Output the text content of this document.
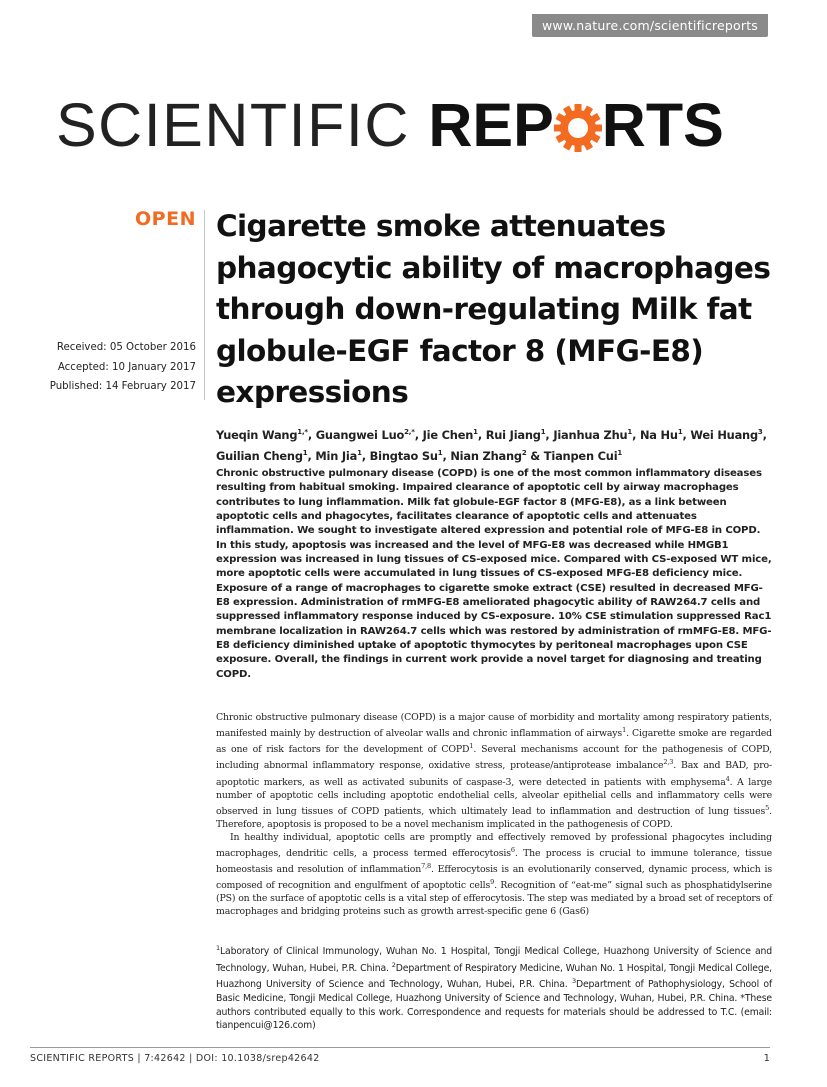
www.nature.com/scientificreports
SCIENTIFIC REP RTS
OPEN
Received: 05 October 2016
Accepted: 10 January 2017
Published: 14 February 2017
Cigarette smoke attenuates phagocytic ability of macrophages through down-regulating Milk fat globule-EGF factor 8 (MFG-E8) expressions
Yueqin Wang$^{1,*}$, Guangwei Luo$^{2,*}$, Jie Chen$^1$, Rui Jiang$^1$, Jianhua Zhu$^1$, Na Hu$^1$, Wei Huang$^3$, Guilian Cheng$^1$, Min Jia$^1$, Bingtao Su$^1$, Nian Zhang$^2$ & Tianpen Cui$^1$
Chronic obstructive pulmonary disease (COPD) is one of the most common inflammatory diseases resulting from habitual smoking. Impaired clearance of apoptotic cell by airway macrophages contributes to lung inflammation. Milk fat globule-EGF factor 8 (MFG-E8), as a link between apoptotic cells and phagocytes, facilitates clearance of apoptotic cells and attenuates inflammation. We sought to investigate altered expression and potential role of MFG-E8 in COPD. In this study, apoptosis was increased and the level of MFG-E8 was decreased while HMGB1 expression was increased in lung tissues of CS-exposed mice. Compared with CS-exposed WT mice, more apoptotic cells were accumulated in lung tissues of CS-exposed MFG-E8 deficiency mice. Exposure of a range of macrophages to cigarette smoke extract (CSE) resulted in decreased MFG-E8 expression. Administration of rmMFG-E8 ameliorated phagocytic ability of RAW264.7 cells and suppressed inflammatory response induced by CS-exposure. 10% CSE stimulation suppressed Rac1 membrane localization in RAW264.7 cells which was restored by administration of rmMFG-E8. MFG-E8 deficiency diminished uptake of apoptotic thymocytes by peritoneal macrophages upon CSE exposure. Overall, the findings in current work provide a novel target for diagnosing and treating COPD.

Chronic obstructive pulmonary disease (COPD) is a major cause of morbidity and mortality among respiratory patients, manifested mainly by destruction of alveolar walls and chronic inflammation of airways$^1$. Cigarette smoke are regarded as one of risk factors for the development of COPD$^1$. Several mechanisms account for the pathogenesis of COPD, including abnormal inflammatory response, oxidative stress, protease/antiprotease imbalance$^{2,3}$. Bax and BAD, pro-apoptotic markers, as well as activated subunits of caspase-3, were detected in patients with emphysema$^4$. A large number of apoptotic cells including apoptotic endothelial cells, alveolar epithelial cells and inflammatory cells were observed in lung tissues of COPD patients, which ultimately lead to inflammation and destruction of lung tissues$^5$. Therefore, apoptosis is proposed to be a novel mechanism implicated in the pathogenesis of COPD.

In healthy individual, apoptotic cells are promptly and effectively removed by professional phagocytes including macrophages, dendritic cells, a process termed efferocytosis$^6$. The process is crucial to immune tolerance, tissue homeostasis and resolution of inflammation$^{7,8}$. Efferocytosis is an evolutionarily conserved, dynamic process, which is composed of recognition and engulfment of apoptotic cells$^9$. Recognition of “eat-me” signal such as phosphatidylserine (PS) on the surface of apoptotic cells is a vital step of efferocytosis. The step was mediated by a broad set of receptors of macrophages and bridging proteins such as growth arrest-specific gene 6 (Gas6)

$^1$Laboratory of Clinical Immunology, Wuhan No. 1 Hospital, Tongji Medical College, Huazhong University of Science and Technology, Wuhan, Hubei, P.R. China. $^2$Department of Respiratory Medicine, Wuhan No. 1 Hospital, Tongji Medical College, Huazhong University of Science and Technology, Wuhan, Hubei, P.R. China. $^3$Department of Pathophysiology, School of Basic Medicine, Tongji Medical College, Huazhong University of Science and Technology, Wuhan, Hubei, P.R. China. *These authors contributed equally to this work. Correspondence and requests for materials should be addressed to T.C. (email: tianpencui@126.com)
SCIENTIFIC REPORTS | 7:42642 | DOI: 10.1038/srep42642	1
